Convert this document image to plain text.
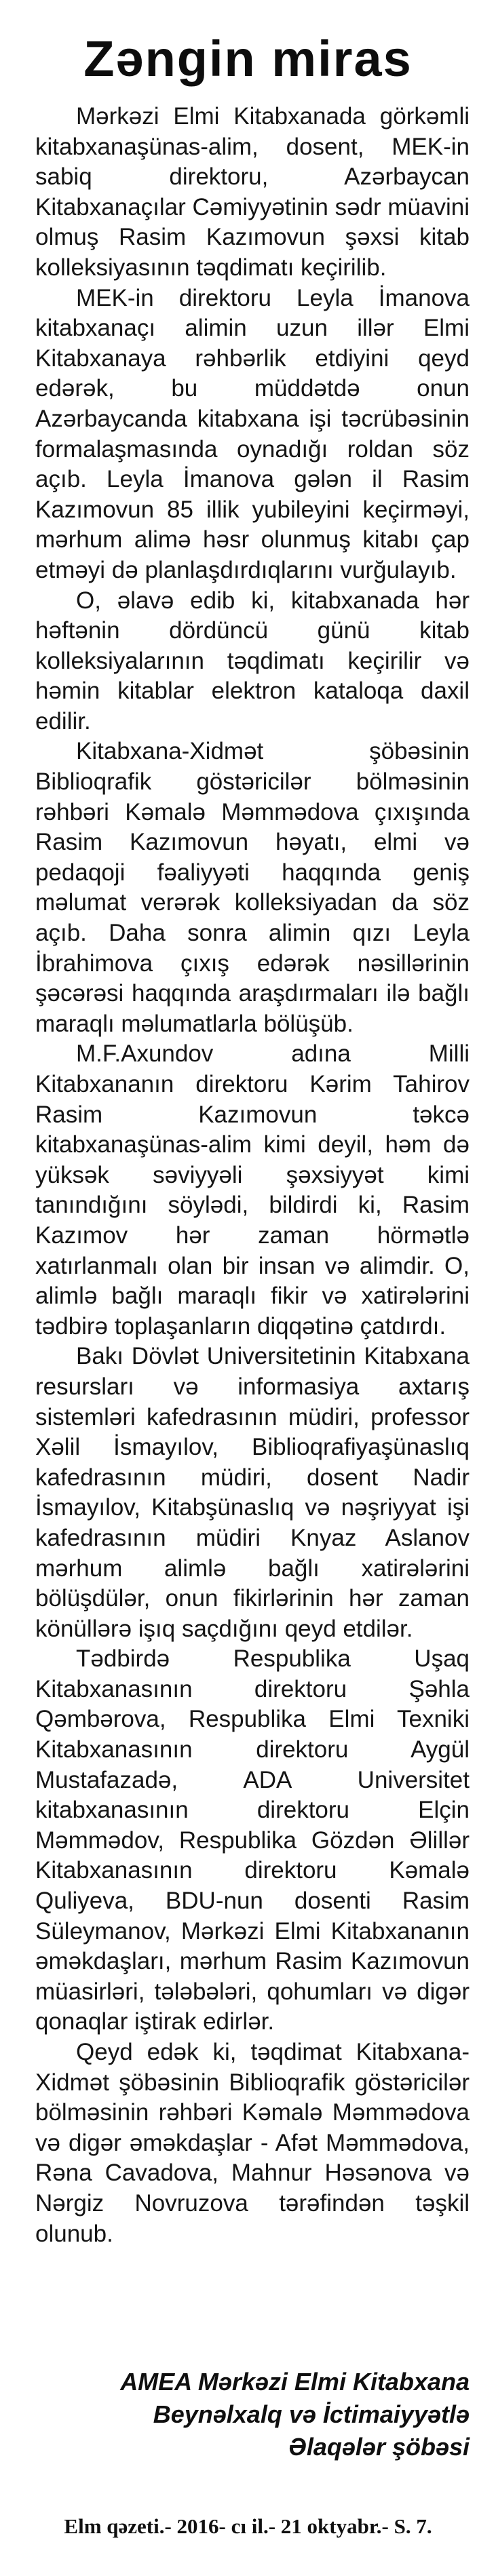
Zəngin miras

Mərkəzi Elmi Kitabxanada görkəmli kitabxanaşünas-alim, dosent, MEK-in sabiq direktoru, Azərbaycan Kitabxanaçılar Cəmiyyətinin sədr müavini olmuş Rasim Kazımovun şəxsi kitab kolleksiyasının təqdimatı keçirilib.

MEK-in direktoru Leyla İmanova kitabxanaçı alimin uzun illər Elmi Kitabxanaya rəhbərlik etdiyini qeyd edərək, bu müddətdə onun Azərbaycanda kitabxana işi təcrübəsinin formalaşmasında oynadığı roldan söz açıb. Leyla İmanova gələn il Rasim Kazımovun 85 illik yubileyini keçirməyi, mərhum alimə həsr olunmuş kitabı çap etməyi də planlaşdırdıqlarını vurğulayıb.

O, əlavə edib ki, kitabxanada hər həftənin dördüncü günü kitab kolleksiyalarının təqdimatı keçirilir və həmin kitablar elektron kataloqa daxil edilir.

Kitabxana-Xidmət şöbəsinin Biblioqrafik göstəricilər bölməsinin rəhbəri Kəmalə Məmmədova çıxışında Rasim Kazımovun həyatı, elmi və pedaqoji fəaliyyəti haqqında geniş məlumat verərək kolleksiyadan da söz açıb. Daha sonra alimin qızı Leyla İbrahimova çıxış edərək nəsillərinin şəcərəsi haqqında araşdırmaları ilə bağlı maraqlı məlumatlarla bölüşüb.

M.F.Axundov adına Milli Kitabxananın direktoru Kərim Tahirov Rasim Kazımovun təkcə kitabxanaşünas-alim kimi deyil, həm də yüksək səviyyəli şəxsiyyət kimi tanındığını söylədi, bildirdi ki, Rasim Kazımov hər zaman hörmətlə xatırlanmalı olan bir insan və alimdir. O, alimlə bağlı maraqlı fikir və xatirələrini tədbirə toplaşanların diqqətinə çatdırdı.

Bakı Dövlət Universitetinin Kitabxana resursları və informasiya axtarış sistemləri kafedrasının müdiri, professor Xəlil İsmayılov, Biblioqrafiyaşünaslıq kafedrasının müdiri, dosent Nadir İsmayılov, Kitabşünaslıq və nəşriyyat işi kafedrasının müdiri Knyaz Aslanov mərhum alimlə bağlı xatirələrini bölüşdülər, onun fikirlərinin hər zaman könüllərə işıq saçdığını qeyd etdilər.

Tədbirdə Respublika Uşaq Kitabxanasının direktoru Şəhla Qəmbərova, Respublika Elmi Texniki Kitabxanasının direktoru Aygül Mustafazadə, ADA Universitet kitabxanasının direktoru Elçin Məmmədov, Respublika Gözdən Əlillər Kitabxanasının direktoru Kəmalə Quliyeva, BDU-nun dosenti Rasim Süleymanov, Mərkəzi Elmi Kitabxananın əməkdaşları, mərhum Rasim Kazımovun müasirləri, tələbələri, qohumları və digər qonaqlar iştirak edirlər.

Qeyd edək ki, təqdimat Kitabxana-Xidmət şöbəsinin Biblioqrafik göstəricilər bölməsinin rəhbəri Kəmalə Məmmədova və digər əməkdaşlar - Afət Məmmədova, Rəna Cavadova, Mahnur Həsənova və Nərgiz Novruzova tərəfindən təşkil olunub.

AMEA Mərkəzi Elmi Kitabxana
Beynəlxalq və İctimaiyyətlə
Əlaqələr şöbəsi
Elm qəzeti.- 2016- cı il.- 21 oktyabr.- S. 7.
